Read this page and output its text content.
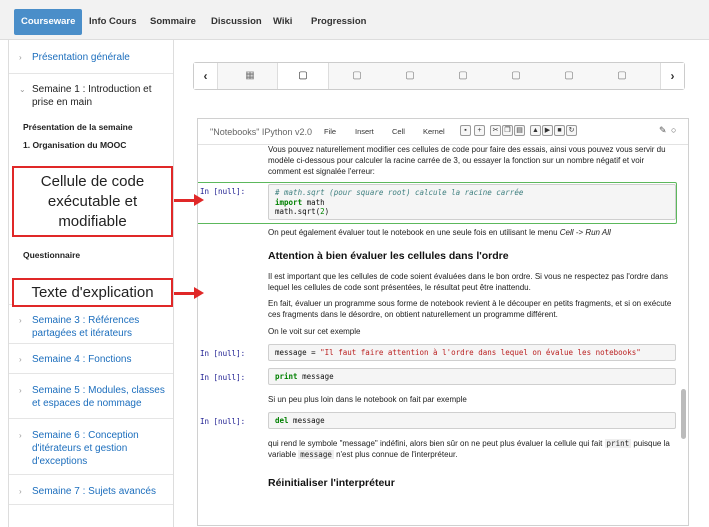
Courseware	Info Cours Sommaire Discussion Wiki Progression
› Présentation générale
⌄ Semaine 1 : Introduction et prise en main
Présentation de la semaine
1. Organisation du MOOC
Questionnaire
› Semaine 3 : Références partagées et itérateurs
› Semaine 4 : Fonctions
› Semaine 5 : Modules, classes et espaces de nommage
› Semaine 6 : Conception d'itérateurs et gestion d'exceptions
› Semaine 7 : Sujets avancés
‹	▦	▢	▢	▢	▢	▢	▢	▢	›
"Notebooks" IPython v2.0 File	Insert Cell Kernel	▪	+	✂ ❐ ▤	▲ ▶	■ ↻	✎ ○
Vous pouvez naturellement modifier ces cellules de code pour faire des essais, ainsi vous pouvez vous servir du modèle ci-dessous pour calculer la racine carrée de 3, ou essayer la fonction sur un nombre négatif et voir comment est signalée l'erreur:
In [null]:	# math.sqrt (pour square root) calcule la racine carrée
import math
math.sqrt(2)
On peut également évaluer tout le notebook en une seule fois en utilisant le menu Cell -> Run All
Attention à bien évaluer les cellules dans l'ordre
Il est important que les cellules de code soient évaluées dans le bon ordre. Si vous ne respectez pas l'ordre dans lequel les cellules de code sont présentées, le résultat peut être inattendu.
En fait, évaluer un programme sous forme de notebook revient à le découper en petits fragments, et si on exécute ces fragments dans le désordre, on obtient naturellement un programme différent.
On le voit sur cet exemple
In [null]:	message = "Il faut faire attention à l'ordre dans lequel on évalue les notebooks"
In [null]:	print message
Si un peu plus loin dans le notebook on fait par exemple
In [null]:	del message
qui rend le symbole "message" indéfini, alors bien sûr on ne peut plus évaluer la cellule qui fait print puisque la variable message n'est plus connue de l'interpréteur.
Réinitialiser l'interpréteur
Cellule de code exécutable et modifiable
Texte d'explication
